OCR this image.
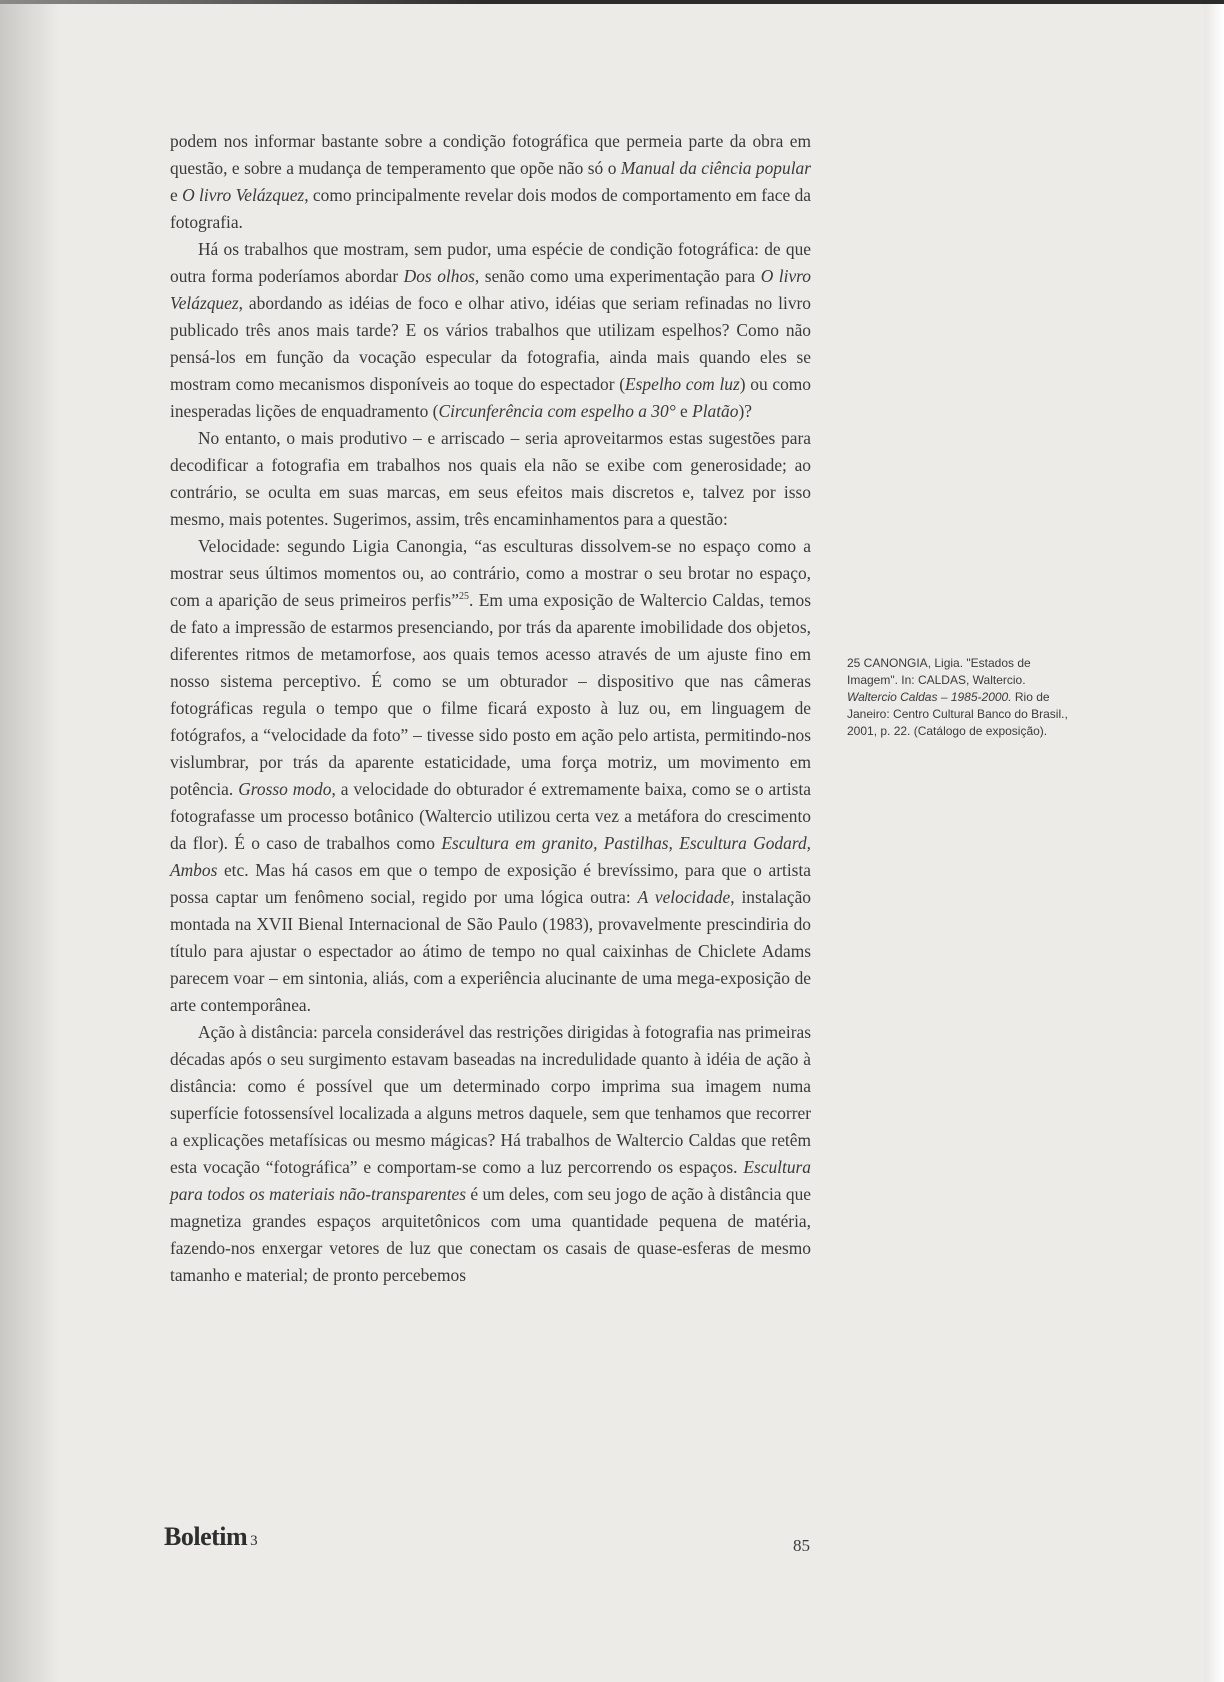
podem nos informar bastante sobre a condição fotográfica que permeia parte da obra em questão, e sobre a mudança de temperamento que opõe não só o Manual da ciência popular e O livro Velázquez, como principalmente revelar dois modos de comportamento em face da fotografia.

Há os trabalhos que mostram, sem pudor, uma espécie de condição fotográfica: de que outra forma poderíamos abordar Dos olhos, senão como uma experimentação para O livro Velázquez, abordando as idéias de foco e olhar ativo, idéias que seriam refinadas no livro publicado três anos mais tarde? E os vários trabalhos que utilizam espelhos? Como não pensá-los em função da vocação especular da fotografia, ainda mais quando eles se mostram como mecanismos disponíveis ao toque do espectador (Espelho com luz) ou como inesperadas lições de enquadramento (Circunferência com espelho a 30° e Platão)?

No entanto, o mais produtivo – e arriscado – seria aproveitarmos estas sugestões para decodificar a fotografia em trabalhos nos quais ela não se exibe com generosidade; ao contrário, se oculta em suas marcas, em seus efeitos mais discretos e, talvez por isso mesmo, mais potentes. Sugerimos, assim, três encaminhamentos para a questão:

Velocidade: segundo Ligia Canongia, “as esculturas dissolvem-se no espaço como a mostrar seus últimos momentos ou, ao contrário, como a mostrar o seu brotar no espaço, com a aparição de seus primeiros perfis”$^{25}$. Em uma exposição de Waltercio Caldas, temos de fato a impressão de estarmos presenciando, por trás da aparente imobilidade dos objetos, diferentes ritmos de metamorfose, aos quais temos acesso através de um ajuste fino em nosso sistema perceptivo. É como se um obturador – dispositivo que nas câmeras fotográficas regula o tempo que o filme ficará exposto à luz ou, em linguagem de fotógrafos, a “velocidade da foto” – tivesse sido posto em ação pelo artista, permitindo-nos vislumbrar, por trás da aparente estaticidade, uma força motriz, um movimento em potência. Grosso modo, a velocidade do obturador é extremamente baixa, como se o artista fotografasse um processo botânico (Waltercio utilizou certa vez a metáfora do crescimento da flor). É o caso de trabalhos como Escultura em granito, Pastilhas, Escultura Godard, Ambos etc. Mas há casos em que o tempo de exposição é brevíssimo, para que o artista possa captar um fenômeno social, regido por uma lógica outra: A velocidade, instalação montada na XVII Bienal Internacional de São Paulo (1983), provavelmente prescindiria do título para ajustar o espectador ao átimo de tempo no qual caixinhas de Chiclete Adams parecem voar – em sintonia, aliás, com a experiência alucinante de uma mega-exposição de arte contemporânea.

Ação à distância: parcela considerável das restrições dirigidas à fotografia nas primeiras décadas após o seu surgimento estavam baseadas na incredulidade quanto à idéia de ação à distância: como é possível que um determinado corpo imprima sua imagem numa superfície fotossensível localizada a alguns metros daquele, sem que tenhamos que recorrer a explicações metafísicas ou mesmo mágicas? Há trabalhos de Waltercio Caldas que retêm esta vocação “fotográfica” e comportam-se como a luz percorrendo os espaços. Escultura para todos os materiais não-transparentes é um deles, com seu jogo de ação à distância que magnetiza grandes espaços arquitetônicos com uma quantidade pequena de matéria, fazendo-nos enxergar vetores de luz que conectam os casais de quase-esferas de mesmo tamanho e material; de pronto percebemos

25 CANONGIA, Ligia. "Estados de Imagem". In: CALDAS, Waltercio. Waltercio Caldas – 1985-2000. Rio de Janeiro: Centro Cultural Banco do Brasil., 2001, p. 22. (Catálogo de exposição).
Boletim 3	85
